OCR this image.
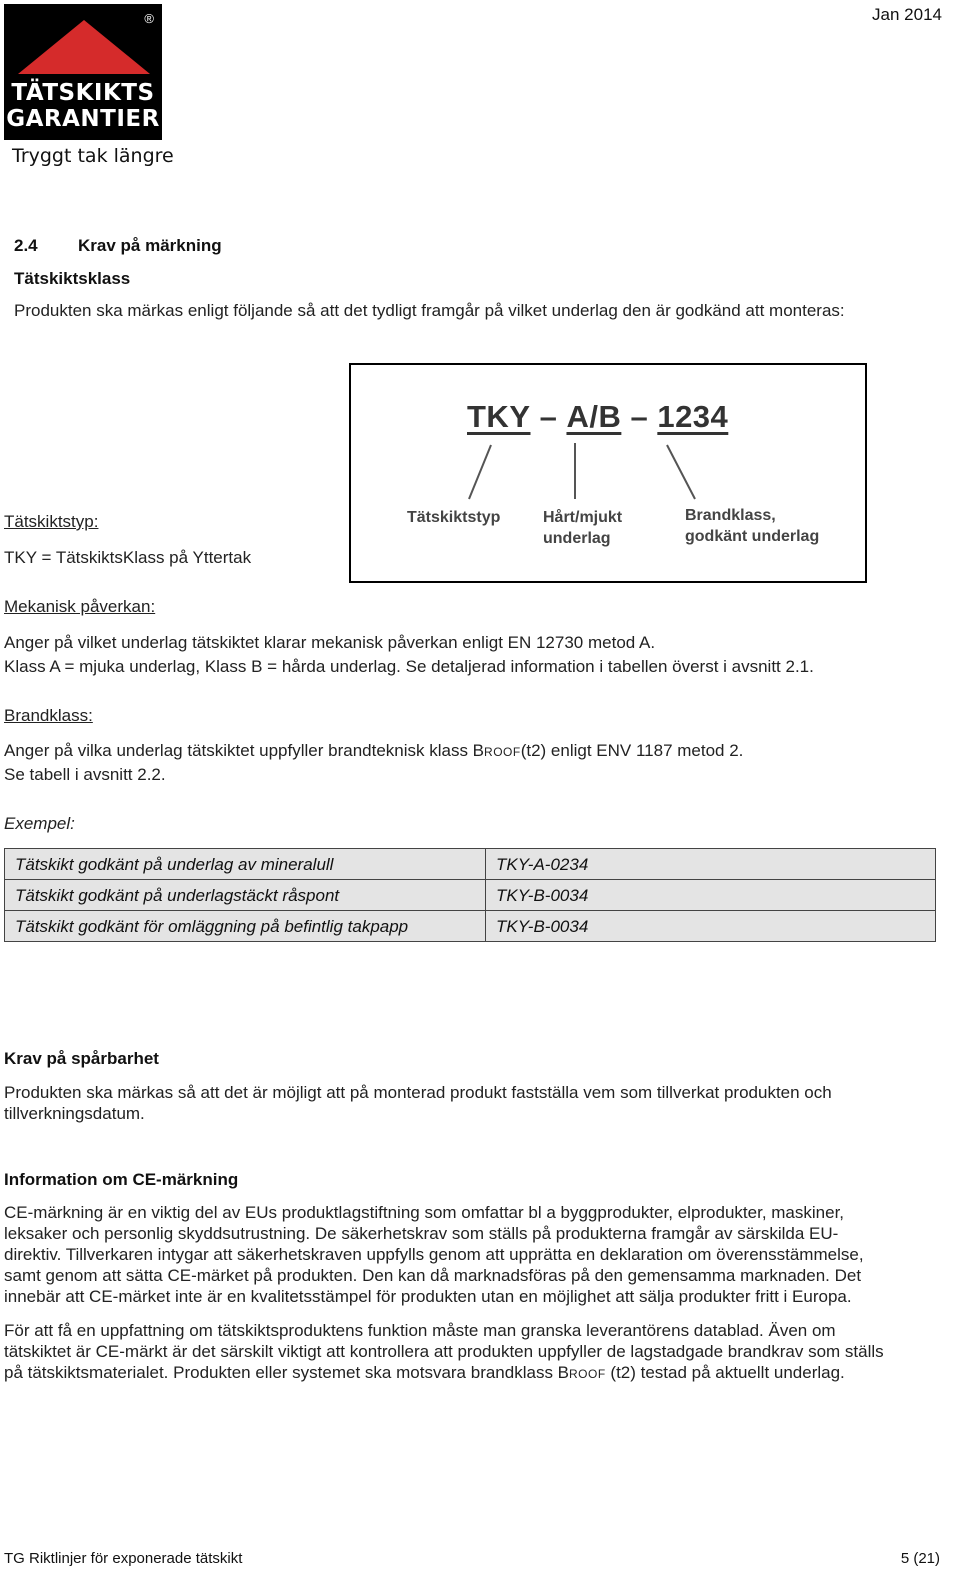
®
TÄTSKIKTS
GARANTIER
Tryggt tak längre
Jan 2014
2.4 Krav på märkning
Tätskiktsklass
Produkten ska märkas enligt följande så att det tydligt framgår på vilket underlag den är godkänd att monteras:
TKY – A/B – 1234
Tätskiktstyp	Hårt/mjukt
underlag
Brandklass,
godkänt underlag
Tätskiktstyp:
TKY = TätskiktsKlass på Yttertak
Mekanisk påverkan:
Anger på vilket underlag tätskiktet klarar mekanisk påverkan enligt EN 12730 metod A.
Klass A = mjuka underlag, Klass B = hårda underlag. Se detaljerad information i tabellen överst i avsnitt 2.1.
Brandklass:
Anger på vilka underlag tätskiktet uppfyller brandteknisk klass BROOF(t2) enligt ENV 1187 metod 2.
Se tabell i avsnitt 2.2.
Exempel:
Tätskikt godkänt på underlag av mineralull	TKY-A-0234
Tätskikt godkänt på underlagstäckt råspont	TKY-B-0034
Tätskikt godkänt för omläggning på befintlig takpapp	TKY-B-0034
Krav på spårbarhet
Produkten ska märkas så att det är möjligt att på monterad produkt fastställa vem som tillverkat produkten och
tillverkningsdatum.
Information om CE-märkning
CE-märkning är en viktig del av EUs produktlagstiftning som omfattar bl a byggprodukter, elprodukter, maskiner,
leksaker och personlig skyddsutrustning. De säkerhetskrav som ställs på produkterna framgår av särskilda EU-
direktiv. Tillverkaren intygar att säkerhetskraven uppfylls genom att upprätta en deklaration om överensstämmelse,
samt genom att sätta CE-märket på produkten. Den kan då marknadsföras på den gemensamma marknaden. Det
innebär att CE-märket inte är en kvalitetsstämpel för produkten utan en möjlighet att sälja produkter fritt i Europa.
För att få en uppfattning om tätskiktsproduktens funktion måste man granska leverantörens datablad. Även om
tätskiktet är CE-märkt är det särskilt viktigt att kontrollera att produkten uppfyller de lagstadgade brandkrav som ställs
på tätskiktsmaterialet. Produkten eller systemet ska motsvara brandklass BROOF (t2) testad på aktuellt underlag.
TG Riktlinjer för exponerade tätskikt	5 (21)
